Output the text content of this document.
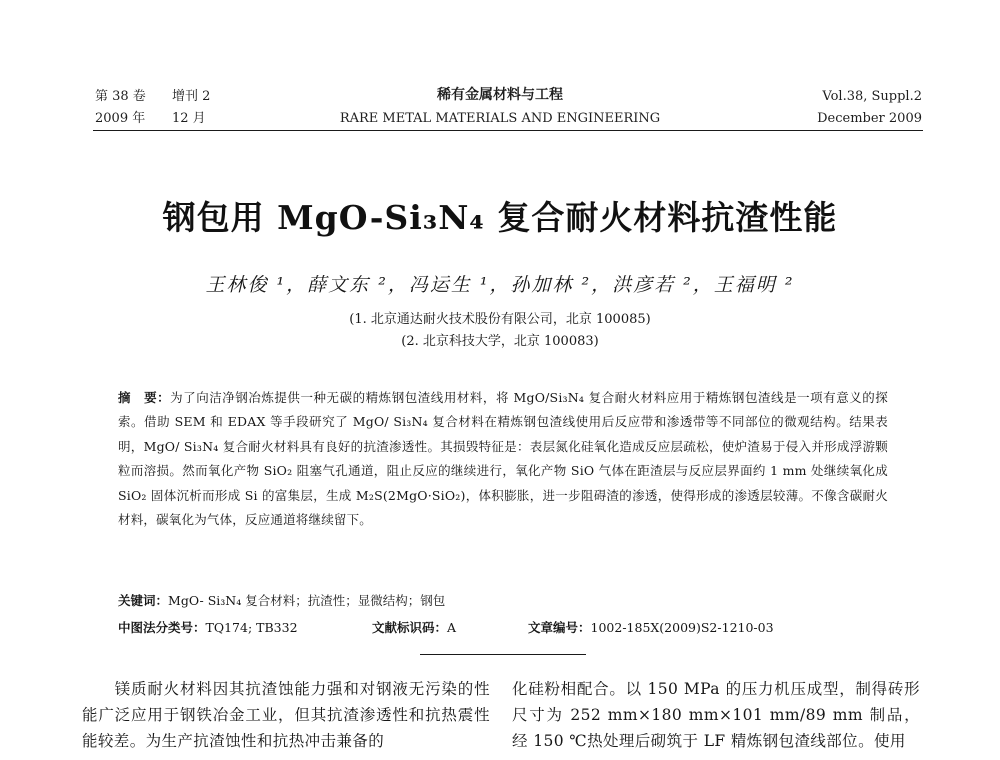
第 38 卷 增刊 2
2009 年 12 月
稀有金属材料与工程
RARE METAL MATERIALS AND ENGINEERING
Vol.38, Suppl.2
December 2009
钢包用 MgO-Si₃N₄ 复合耐火材料抗渣性能
王林俊 ¹，薛文东 ²，冯运生 ¹，孙加林 ²，洪彦若 ²，王福明 ²
(1. 北京通达耐火技术股份有限公司，北京 100085)
(2. 北京科技大学，北京 100083)
摘　要：为了向洁净钢冶炼提供一种无碳的精炼钢包渣线用材料，将 MgO/Si₃N₄ 复合耐火材料应用于精炼钢包渣线是一项有意义的探索。借助 SEM 和 EDAX 等手段研究了 MgO/ Si₃N₄ 复合材料在精炼钢包渣线使用后反应带和渗透带等不同部位的微观结构。结果表明，MgO/ Si₃N₄ 复合耐火材料具有良好的抗渣渗透性。其损毁特征是：表层氮化硅氧化造成反应层疏松，使炉渣易于侵入并形成浮游颗粒而溶损。然而氧化产物 SiO₂ 阻塞气孔通道，阻止反应的继续进行，氧化产物 SiO 气体在距渣层与反应层界面约 1 mm 处继续氧化成 SiO₂ 固体沉析而形成 Si 的富集层，生成 M₂S(2MgO·SiO₂)，体积膨胀，进一步阻碍渣的渗透，使得形成的渗透层较薄。不像含碳耐火材料，碳氧化为气体，反应通道将继续留下。
关键词：MgO- Si₃N₄ 复合材料；抗渣性；显微结构；钢包
中图法分类号：TQ174; TB332	文献标识码：A	文章编号：1002-185X(2009)S2-1210-03
　　镁质耐火材料因其抗渣蚀能力强和对钢液无污染的性能广泛应用于钢铁冶金工业，但其抗渣渗透性和抗热震性能较差。为生产抗渣蚀性和抗热冲击兼备的
化硅粉相配合。以 150 MPa 的压力机压成型，制得砖形尺寸为 252 mm×180 mm×101 mm/89 mm 制品，经 150 ℃热处理后砌筑于 LF 精炼钢包渣线部位。使用
